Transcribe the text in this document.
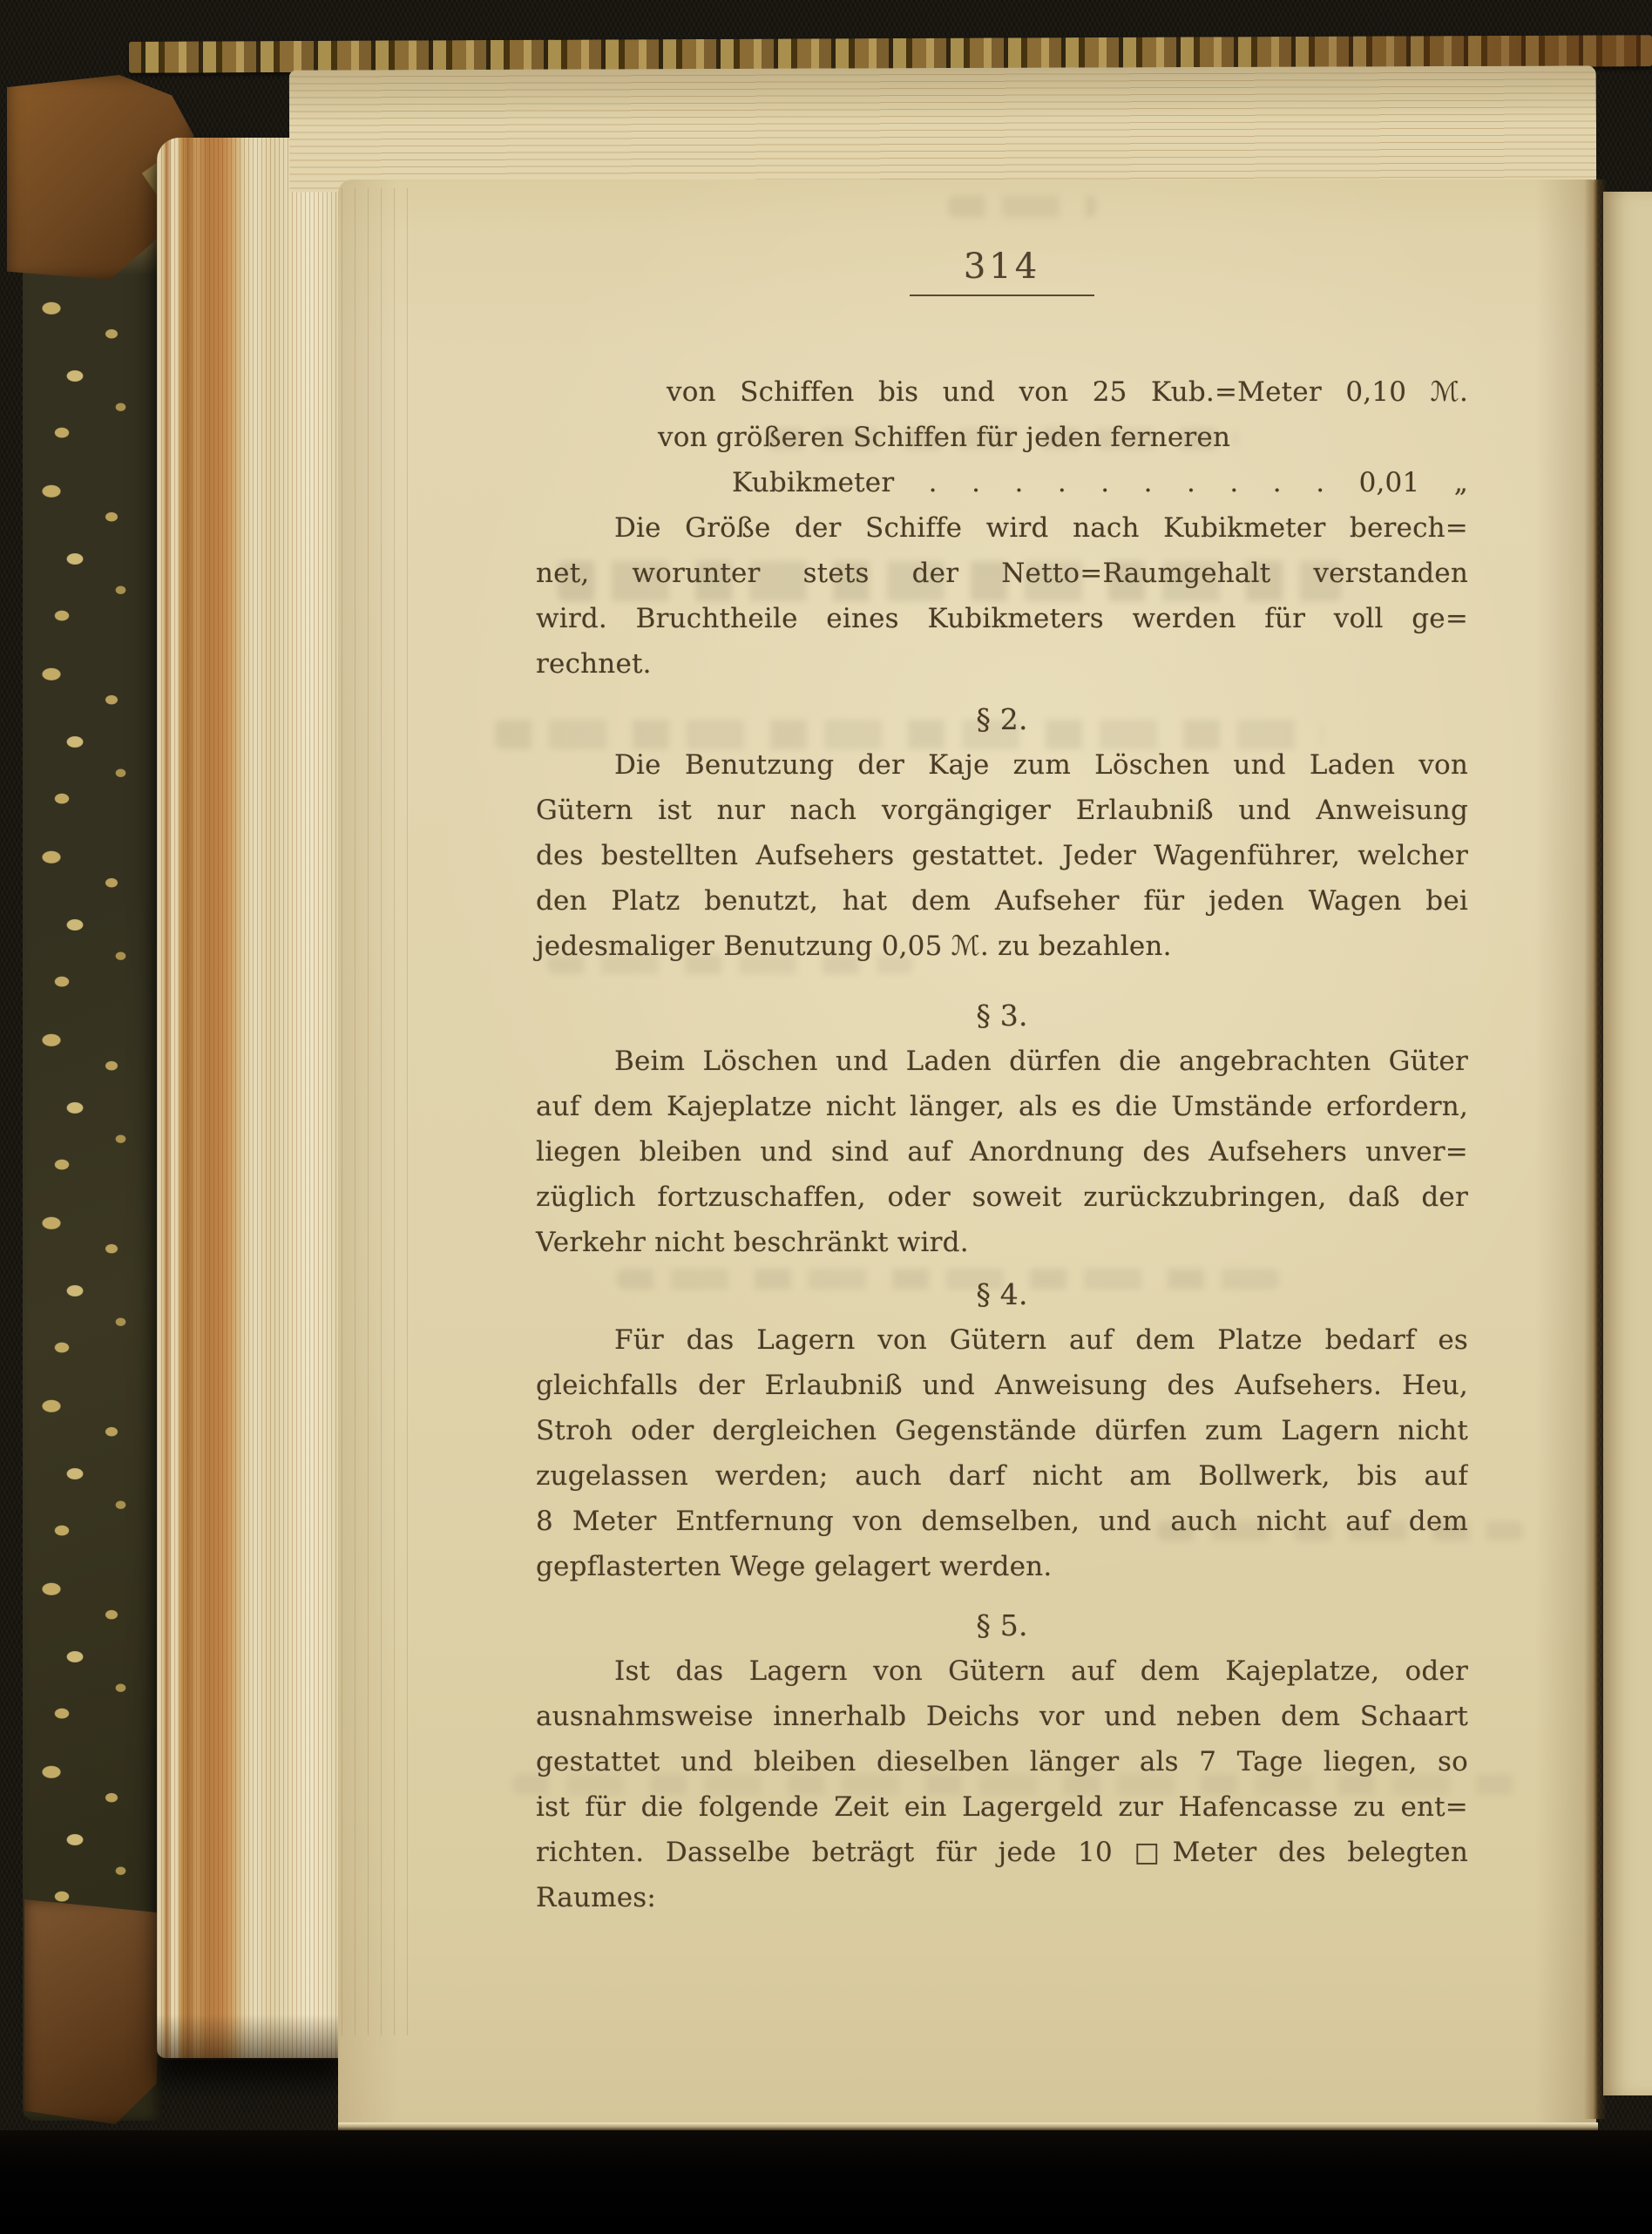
314
von Schiffen bis und von 25 Kub.=Meter 0,10 ℳ.
von größeren Schiffen für jeden ferneren
Kubikmeter . . . . . . . . . . 0,01 „
Die Größe der Schiffe wird nach Kubikmeter berech=
net, worunter stets der Netto=Raumgehalt verstanden
wird. Bruchtheile eines Kubikmeters werden für voll ge=
rechnet.
§ 2.
Die Benutzung der Kaje zum Löschen und Laden von
Gütern ist nur nach vorgängiger Erlaubniß und Anweisung
des bestellten Aufsehers gestattet. Jeder Wagenführer, welcher
den Platz benutzt, hat dem Aufseher für jeden Wagen bei
jedesmaliger Benutzung 0,05 ℳ. zu bezahlen.
§ 3.
Beim Löschen und Laden dürfen die angebrachten Güter
auf dem Kajeplatze nicht länger, als es die Umstände erfordern,
liegen bleiben und sind auf Anordnung des Aufsehers unver=
züglich fortzuschaffen, oder soweit zurückzubringen, daß der
Verkehr nicht beschränkt wird.
§ 4.
Für das Lagern von Gütern auf dem Platze bedarf es
gleichfalls der Erlaubniß und Anweisung des Aufsehers. Heu,
Stroh oder dergleichen Gegenstände dürfen zum Lagern nicht
zugelassen werden; auch darf nicht am Bollwerk, bis auf
8 Meter Entfernung von demselben, und auch nicht auf dem
gepflasterten Wege gelagert werden.
§ 5.
Ist das Lagern von Gütern auf dem Kajeplatze, oder
ausnahmsweise innerhalb Deichs vor und neben dem Schaart
gestattet und bleiben dieselben länger als 7 Tage liegen, so
ist für die folgende Zeit ein Lagergeld zur Hafencasse zu ent=
richten. Dasselbe beträgt für jede 10 □Meter des belegten
Raumes:
